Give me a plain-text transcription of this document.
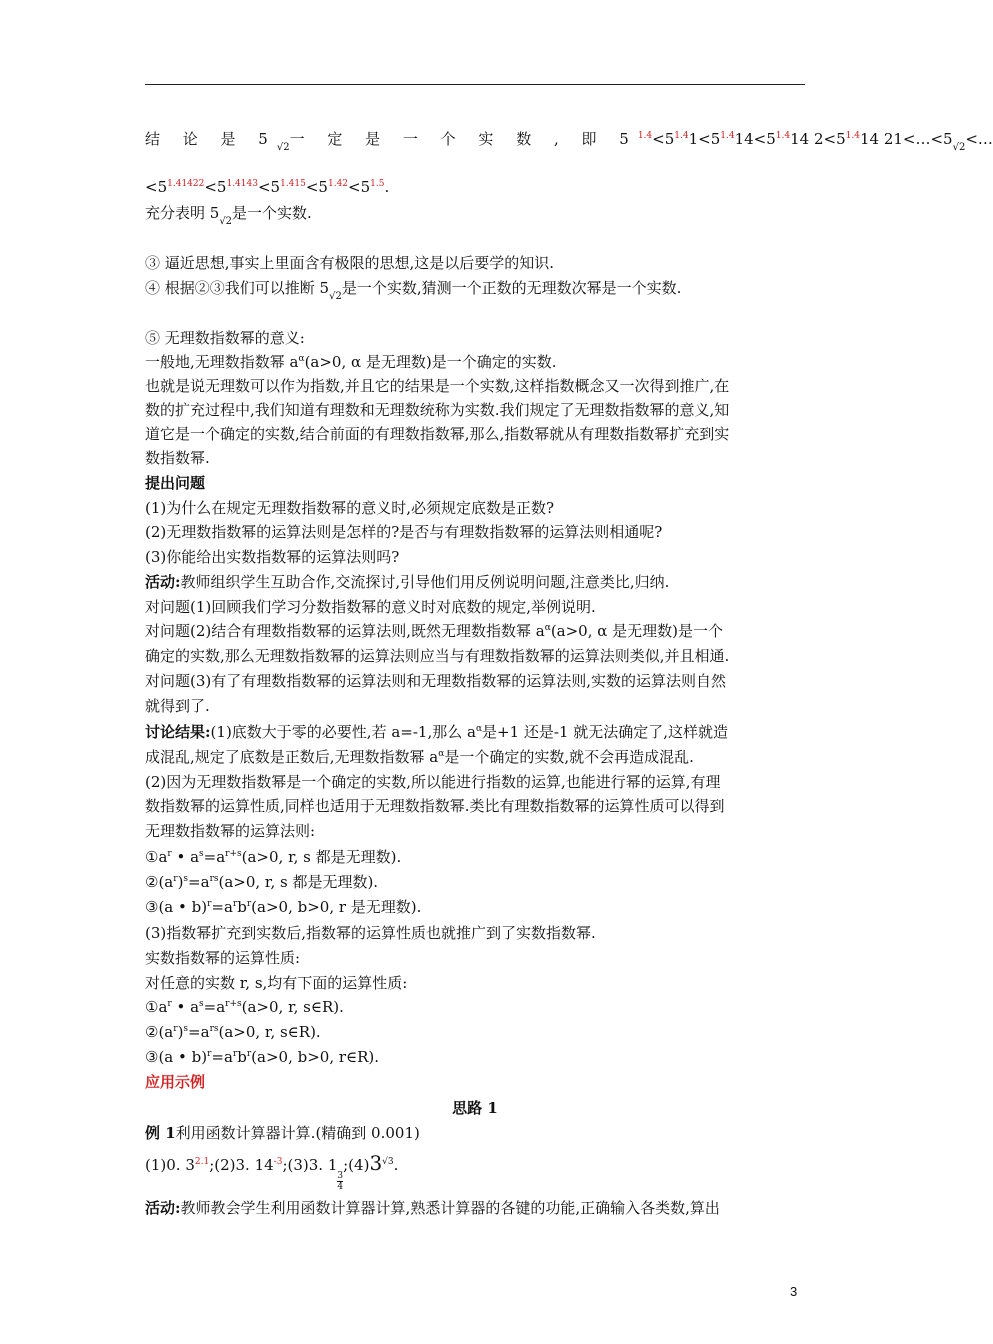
结 论 是 5√2一 定 是 一 个 实 数 , 即 $5^{1.4}<5^{1.4}1<5^{1.4}14<5^{1.4}14$ $2<5^{1.4}14$ 21<…<5√2<…
$<5^{1.41422}<5^{1.4143}<5^{1.415}<5^{1.42}<5^{1.5}$.
充分表明 5√2是一个实数.
③ 逼近思想,事实上里面含有极限的思想,这是以后要学的知识.
④ 根据②③我们可以推断 5√2是一个实数,猜测一个正数的无理数次幂是一个实数.
⑤ 无理数指数幂的意义:
一般地,无理数指数幂 $a^\alpha(a>0$, α 是无理数)是一个确定的实数.
也就是说无理数可以作为指数,并且它的结果是一个实数,这样指数概念又一次得到推广,在
数的扩充过程中,我们知道有理数和无理数统称为实数.我们规定了无理数指数幂的意义,知
道它是一个确定的实数,结合前面的有理数指数幂,那么,指数幂就从有理数指数幂扩充到实
数指数幂.
提出问题
(1)为什么在规定无理数指数幂的意义时,必须规定底数是正数?
(2)无理数指数幂的运算法则是怎样的?是否与有理数指数幂的运算法则相通呢?
(3)你能给出实数指数幂的运算法则吗?
活动:教师组织学生互助合作,交流探讨,引导他们用反例说明问题,注意类比,归纳.
对问题(1)回顾我们学习分数指数幂的意义时对底数的规定,举例说明.
对问题(2)结合有理数指数幂的运算法则,既然无理数指数幂 $a^\alpha(a>0$, α 是无理数)是一个
确定的实数,那么无理数指数幂的运算法则应当与有理数指数幂的运算法则类似,并且相通.
对问题(3)有了有理数指数幂的运算法则和无理数指数幂的运算法则,实数的运算法则自然
就得到了.
讨论结果:(1)底数大于零的必要性,若 a=-1,那么 $a^\alpha$是+1 还是-1 就无法确定了,这样就造
成混乱,规定了底数是正数后,无理数指数幂 $a^\alpha$是一个确定的实数,就不会再造成混乱.
(2)因为无理数指数幂是一个确定的实数,所以能进行指数的运算,也能进行幂的运算,有理
数指数幂的运算性质,同样也适用于无理数指数幂.类比有理数指数幂的运算性质可以得到
无理数指数幂的运算法则:
$①a^r$ • $a^s=a^{r+s}(a>0$, r, s 都是无理数).
$②(a^r)^s=a^{rs}(a>0$, r, s 都是无理数).
③(a • $b)^r=a^rb^r(a>0$, b>0, r 是无理数).
(3)指数幂扩充到实数后,指数幂的运算性质也就推广到了实数指数幂.
实数指数幂的运算性质:
对任意的实数 r, s,均有下面的运算性质:
$①a^r$ • $a^s=a^{r+s}(a>0$, r, s∈R).
$②(a^r)^s=a^{rs}(a>0$, r, s∈R).
③(a • $b)^r=a^rb^r(a>0$, b>0, r∈R).
应用示例
思路 1
例 1利用函数计算器计算.(精确到 0.001)
(1)0. $3^{2.1};(2)3$. $14^{-3};(3)3$. 1
$\frac{3}{4}$
$;(4)3^{√3}$.
活动:教师教会学生利用函数计算器计算,熟悉计算器的各键的功能,正确输入各类数,算出
3
